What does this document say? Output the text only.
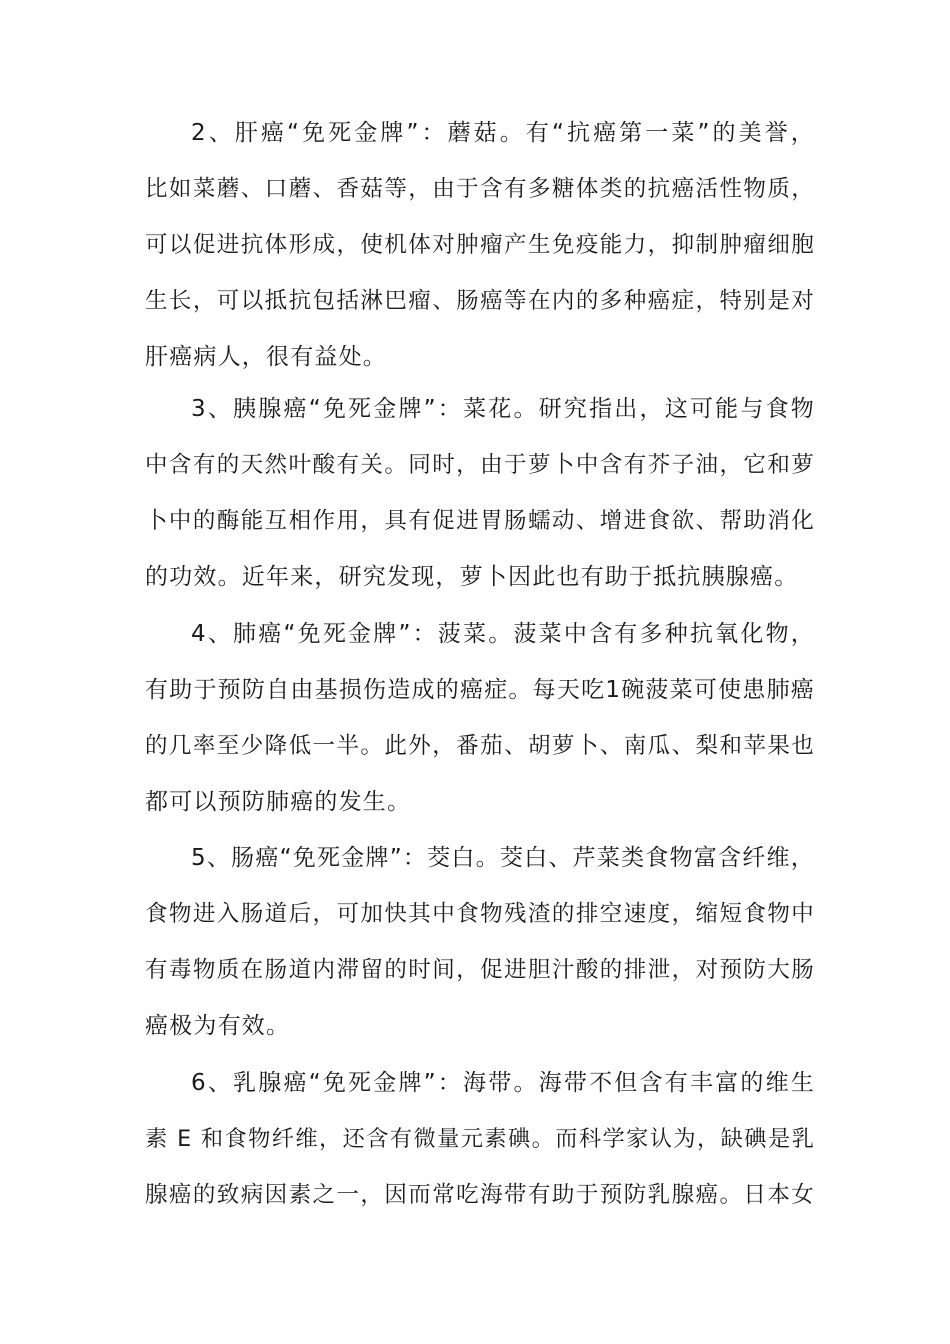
2、肝癌“免死金牌”：蘑菇。有“抗癌第一菜”的美誉，
比如菜蘑、口蘑、香菇等，由于含有多糖体类的抗癌活性物质，
可以促进抗体形成，使机体对肿瘤产生免疫能力，抑制肿瘤细胞
生长，可以抵抗包括淋巴瘤、肠癌等在内的多种癌症，特别是对
肝癌病人，很有益处。
3、胰腺癌“免死金牌”：菜花。研究指出，这可能与食物
中含有的天然叶酸有关。同时，由于萝卜中含有芥子油，它和萝
卜中的酶能互相作用，具有促进胃肠蠕动、增进食欲、帮助消化
的功效。近年来，研究发现，萝卜因此也有助于抵抗胰腺癌。
4、肺癌“免死金牌”：菠菜。菠菜中含有多种抗氧化物，
有助于预防自由基损伤造成的癌症。每天吃1碗菠菜可使患肺癌
的几率至少降低一半。此外，番茄、胡萝卜、南瓜、梨和苹果也
都可以预防肺癌的发生。
5、肠癌“免死金牌”：茭白。茭白、芹菜类食物富含纤维，
食物进入肠道后，可加快其中食物残渣的排空速度，缩短食物中
有毒物质在肠道内滞留的时间，促进胆汁酸的排泄，对预防大肠
癌极为有效。
6、乳腺癌“免死金牌”：海带。海带不但含有丰富的维生
素 E 和食物纤维，还含有微量元素碘。而科学家认为，缺碘是乳
腺癌的致病因素之一，因而常吃海带有助于预防乳腺癌。日本女
